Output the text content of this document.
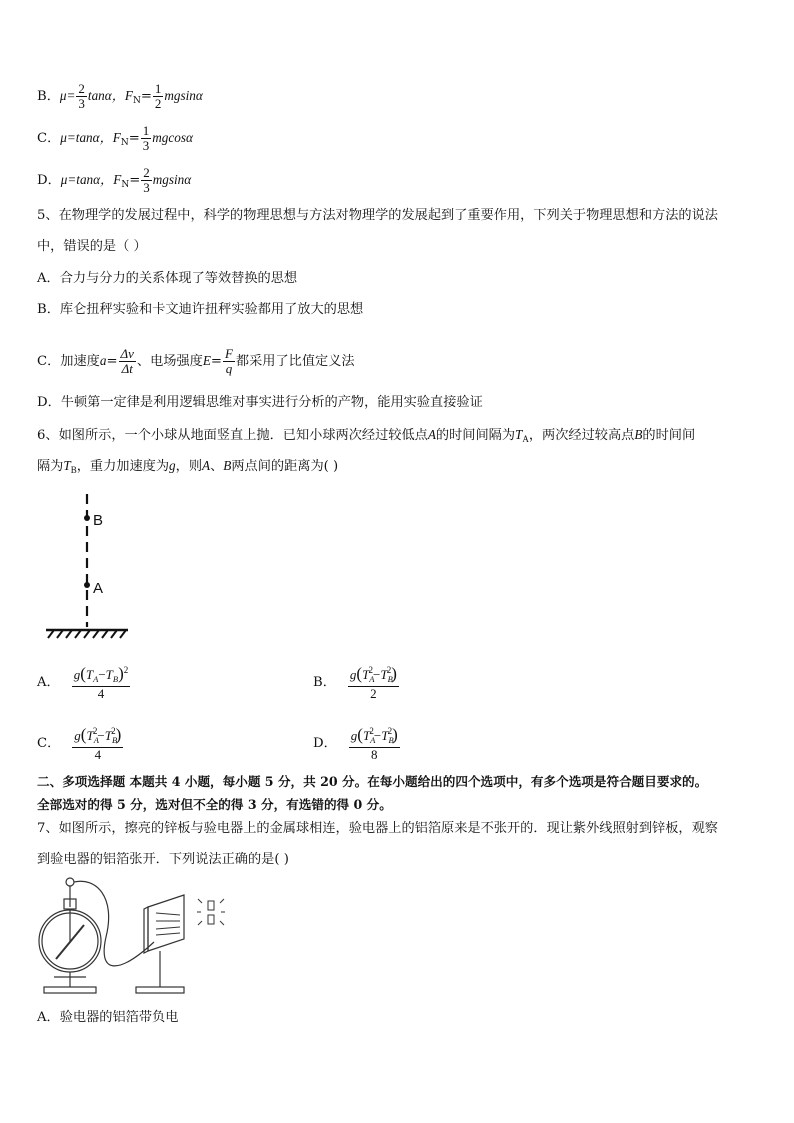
B．$\mu= \frac{2}{3}$ tanα，$F_N= \frac{1}{2}$ mgsinα
C．μ=tanα，$F_N= \frac{1}{3}$ mgcosα
D．μ=tanα，$F_N= \frac{2}{3}$ mgsinα
5、在物理学的发展过程中，科学的物理思想与方法对物理学的发展起到了重要作用，下列关于物理思想和方法的说法
中，错误的是（ ）
A．合力与分力的关系体现了等效替换的思想
B．库仑扭秤实验和卡文迪许扭秤实验都用了放大的思想
C．加速度$a= \frac{\Delta v}{\Delta t}$ 、电场强度$E= \frac{F}{q}$ 都采用了比值定义法
D．牛顿第一定律是利用逻辑思维对事实进行分析的产物，能用实验直接验证
6、如图所示，一个小球从地面竖直上抛．已知小球两次经过较低点A的时间间隔为$T_A$，两次经过较高点B的时间间
隔为$T_B$，重力加速度为g，则A、B两点间的距离为( )
B
A
A． $\frac{g(T_A-T_B)^2}{4}$	B． $\frac{g(T_A^2-T_B^2)}{2}$
C． $\frac{g(T_A^2-T_B^2)}{4}$	D． $\frac{g(T_A^2-T_B^2)}{8}$
二、多项选择题 本题共 4 小题，每小题 5 分，共 20 分。在每小题给出的四个选项中，有多个选项是符合题目要求的。
全部选对的得 5 分，选对但不全的得 3 分，有选错的得 0 分。
7、如图所示，擦亮的锌板与验电器上的金属球相连，验电器上的铝箔原来是不张开的．现让紫外线照射到锌板，观察
到验电器的铝箔张开．下列说法正确的是( )
A．验电器的铝箔带负电
